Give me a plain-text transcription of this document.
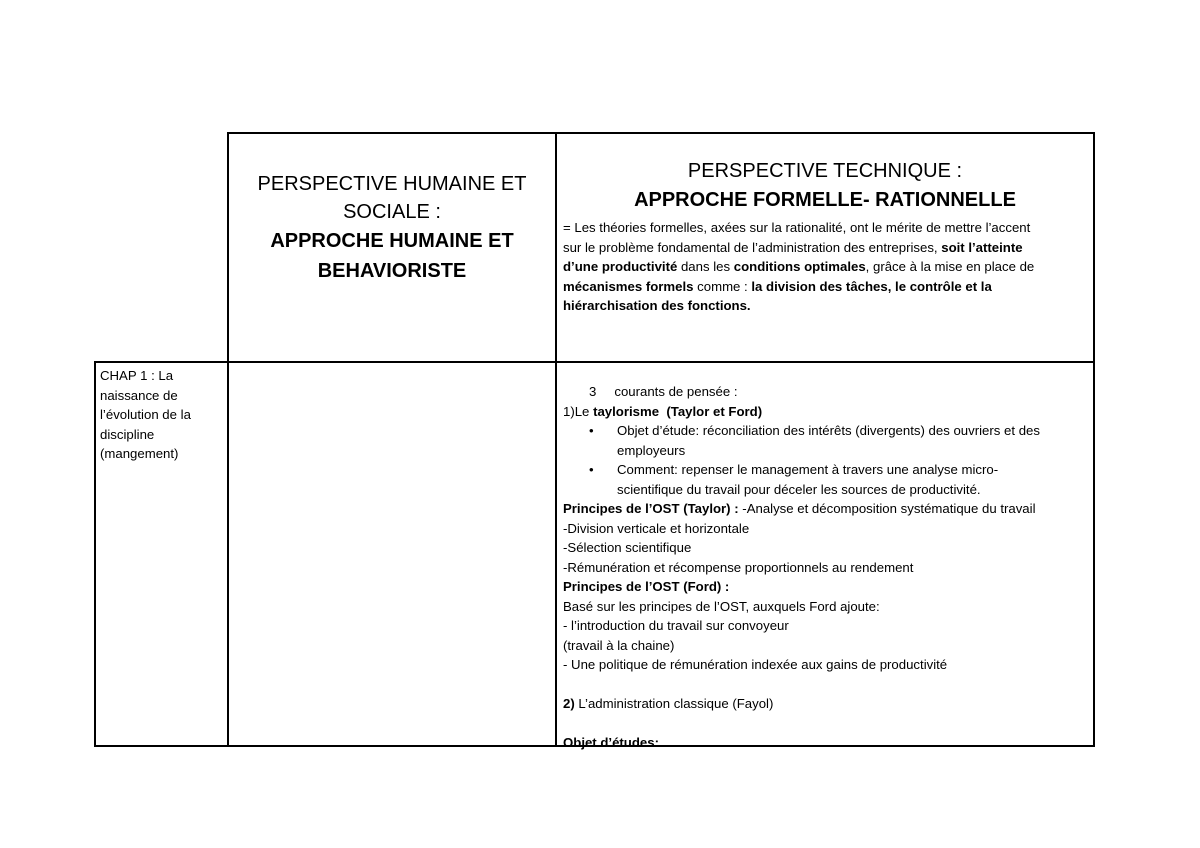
PERSPECTIVE HUMAINE ET
SOCIALE :
APPROCHE HUMAINE ET
BEHAVIORISTE
PERSPECTIVE TECHNIQUE :
APPROCHE FORMELLE- RATIONNELLE
= Les théories formelles, axées sur la rationalité, ont le mérite de mettre l’accent
sur le problème fondamental de l’administration des entreprises, soit l’atteinte
d’une productivité dans les conditions optimales, grâce à la mise en place de
mécanismes formels comme : la division des tâches, le contrôle et la
hiérarchisation des fonctions.
CHAP 1 : La
naissance de
l’évolution de la
discipline
(mangement)
3 courants de pensée :
1)Le taylorisme  (Taylor et Ford)
• Objet d’étude: réconciliation des intérêts (divergents) des ouvriers et des
employeurs
• Comment: repenser le management à travers une analyse micro-
scientifique du travail pour déceler les sources de productivité.
Principes de l’OST (Taylor) : -Analyse et décomposition systématique du travail
-Division verticale et horizontale
-Sélection scientifique
-Rémunération et récompense proportionnels au rendement
Principes de l’OST (Ford) :
Basé sur les principes de l’OST, auxquels Ford ajoute:
- l’introduction du travail sur convoyeur
(travail à la chaine)
- Une politique de rémunération indexée aux gains de productivité
2) L’administration classique (Fayol)
Objet d’études:
